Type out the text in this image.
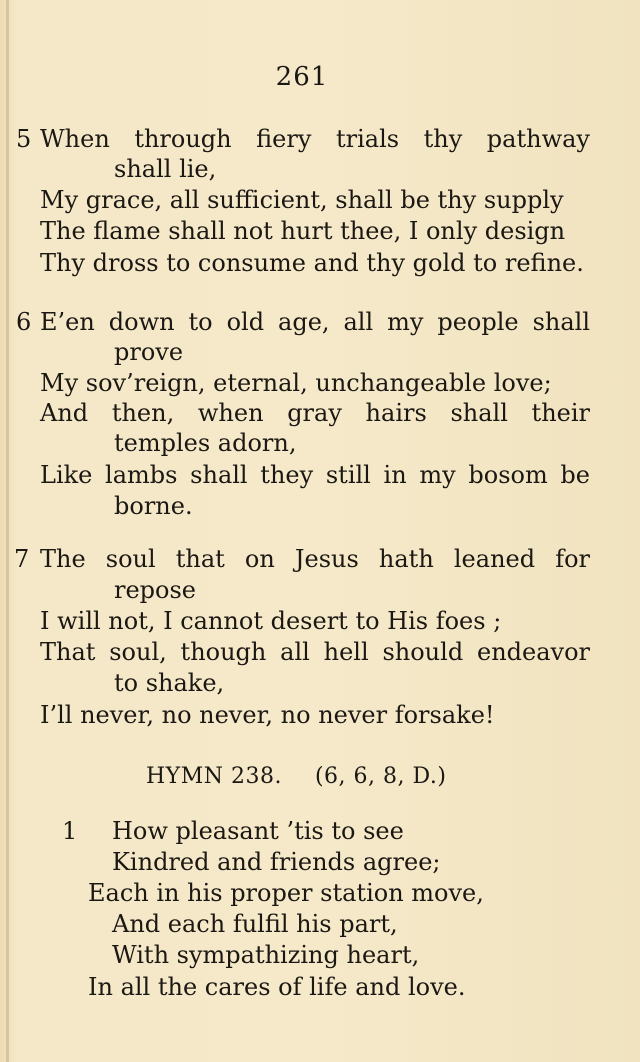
261
5 When through fiery trials thy pathway
shall lie,
My grace, all sufficient, shall be thy supply
The flame shall not hurt thee, I only design
Thy dross to consume and thy gold to refine.
6 E’en down to old age, all my people shall
prove
My sov’reign, eternal, unchangeable love;
And then, when gray hairs shall their
temples adorn,
Like lambs shall they still in my bosom be
borne.
7 The soul that on Jesus hath leaned for
repose
I will not, I cannot desert to His foes ;
That soul, though all hell should endeavor
to shake,
I’ll never, no never, no never forsake!
HYMN 238. (6, 6, 8, D.)
1 How pleasant ’tis to see
Kindred and friends agree;
Each in his proper station move,
And each fulfil his part,
With sympathizing heart,
In all the cares of life and love.
